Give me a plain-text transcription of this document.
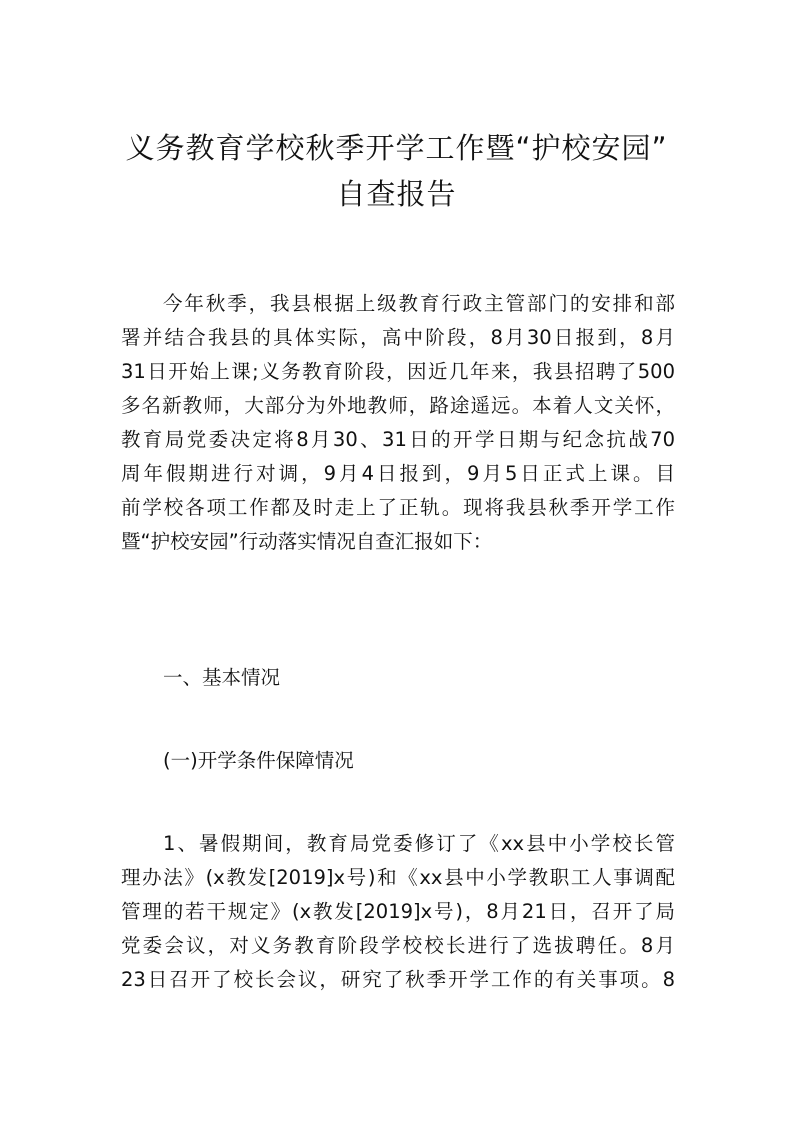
义务教育学校秋季开学工作暨“护校安园”
自查报告
今年秋季，我县根据上级教育行政主管部门的安排和部
署并结合我县的具体实际，高中阶段，8月30日报到，8月
31日开始上课;义务教育阶段，因近几年来，我县招聘了500
多名新教师，大部分为外地教师，路途遥远。本着人文关怀，
教育局党委决定将8月30、31日的开学日期与纪念抗战70
周年假期进行对调，9月4日报到，9月5日正式上课。目
前学校各项工作都及时走上了正轨。现将我县秋季开学工作
暨“护校安园”行动落实情况自查汇报如下：
一、基本情况
(一)开学条件保障情况
1、暑假期间，教育局党委修订了《xx县中小学校长管
理办法》(x教发[2019]x号)和《xx县中小学教职工人事调配
管理的若干规定》(x教发[2019]x号)，8月21日，召开了局
党委会议，对义务教育阶段学校校长进行了选拔聘任。8月
23日召开了校长会议，研究了秋季开学工作的有关事项。8
